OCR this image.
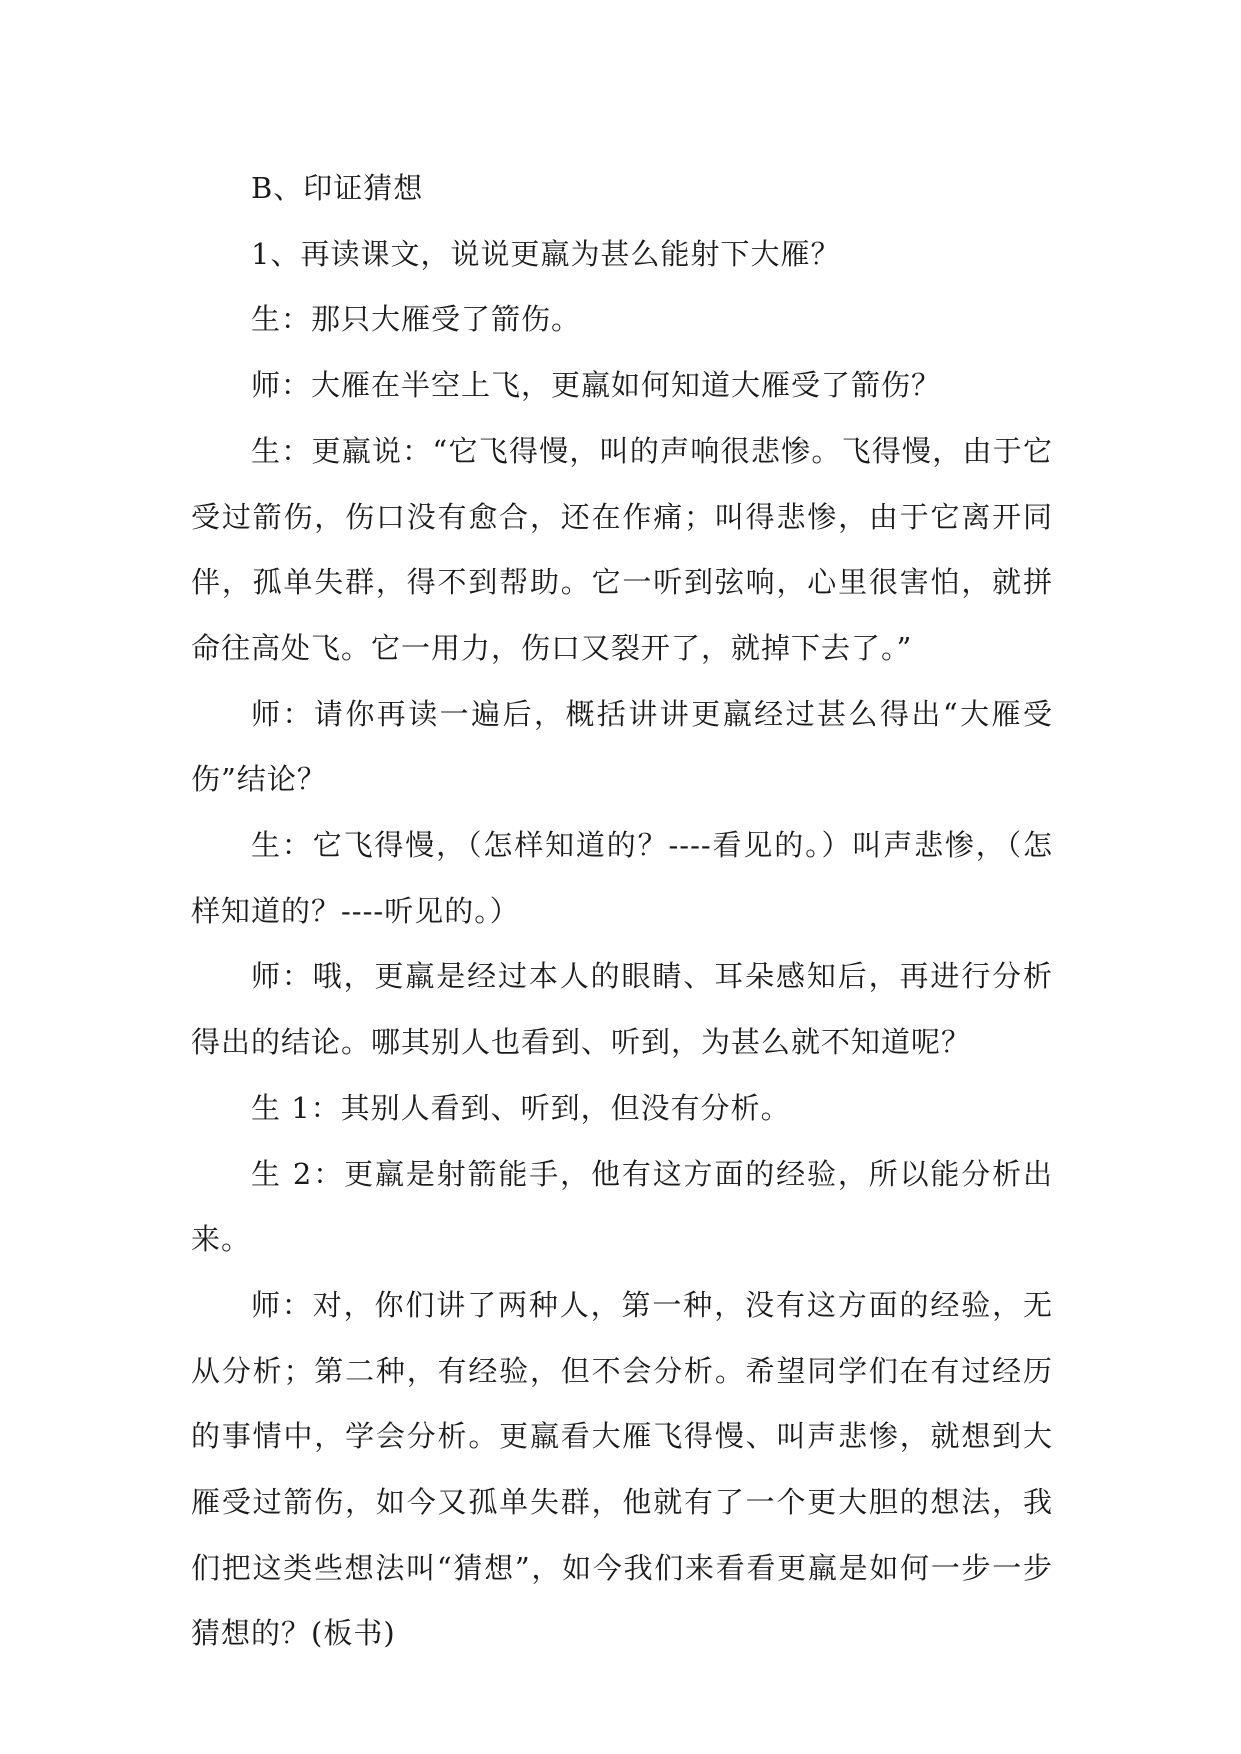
B、印证猜想

1、再读课文，说说更羸为甚么能射下大雁？

生：那只大雁受了箭伤。

师：大雁在半空上飞，更羸如何知道大雁受了箭伤？

生：更羸说：“它飞得慢，叫的声响很悲惨。飞得慢，由于它受过箭伤，伤口没有愈合，还在作痛；叫得悲惨，由于它离开同伴，孤单失群，得不到帮助。它一听到弦响，心里很害怕，就拼命往高处飞。它一用力，伤口又裂开了，就掉下去了。”

师：请你再读一遍后，概括讲讲更羸经过甚么得出“大雁受伤”结论？

生：它飞得慢，（怎样知道的？----看见的。）叫声悲惨，（怎样知道的？----听见的。）

师：哦，更羸是经过本人的眼睛、耳朵感知后，再进行分析得出的结论。哪其别人也看到、听到，为甚么就不知道呢？

生 1：其别人看到、听到，但没有分析。

生 2：更羸是射箭能手，他有这方面的经验，所以能分析出来。

师：对，你们讲了两种人，第一种，没有这方面的经验，无从分析；第二种，有经验，但不会分析。希望同学们在有过经历的事情中，学会分析。更羸看大雁飞得慢、叫声悲惨，就想到大雁受过箭伤，如今又孤单失群，他就有了一个更大胆的想法，我们把这类些想法叫“猜想”，如今我们来看看更羸是如何一步一步猜想的？(板书)
